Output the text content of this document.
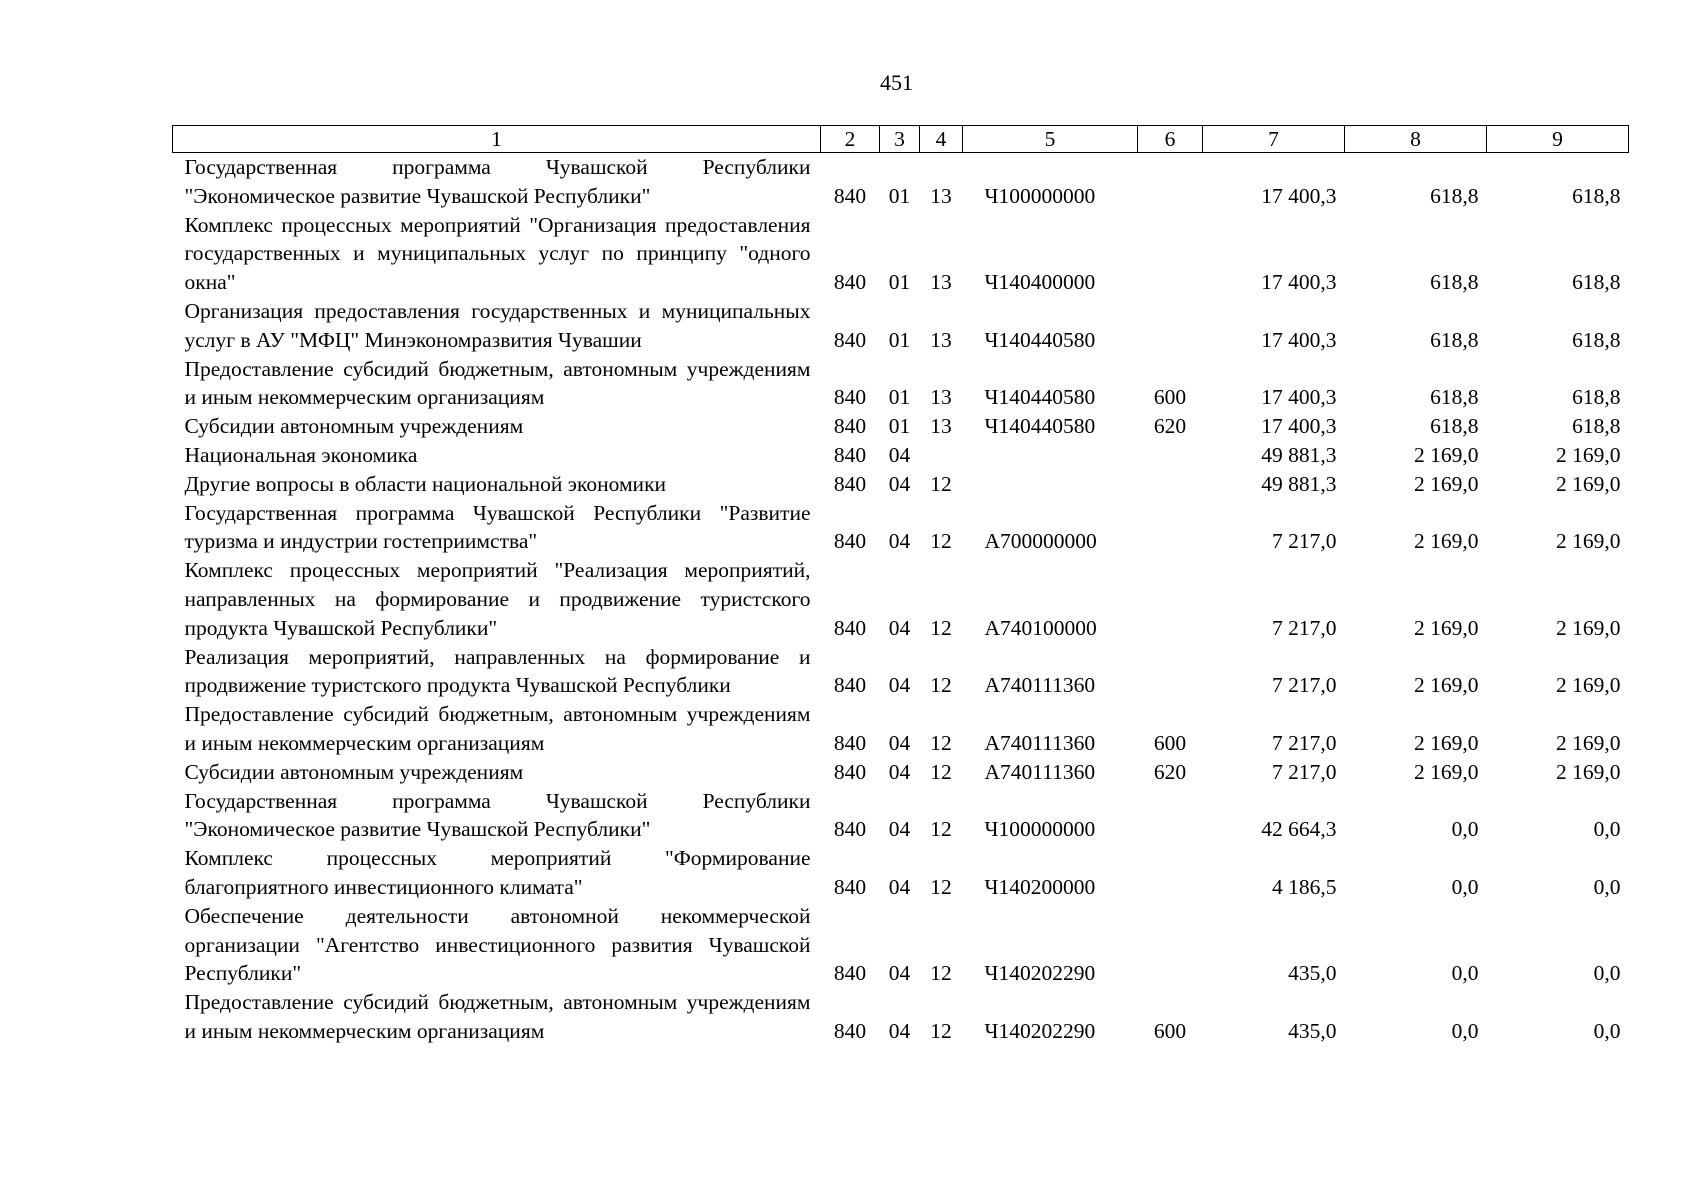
451
1	2	3	4	5	6	7	8	9
Государственная программа Чувашской Республики "Экономическое развитие Чувашской Республики"	840	01	13	Ч100000000		17 400,3	618,8	618,8
Комплекс процессных мероприятий "Организация предоставления государственных и муниципальных услуг по принципу "одного окна"	840	01	13	Ч140400000		17 400,3	618,8	618,8
Организация предоставления государственных и муниципальных услуг в АУ "МФЦ" Минэкономразвития Чувашии	840	01	13	Ч140440580		17 400,3	618,8	618,8
Предоставление субсидий бюджетным, автономным учреждениям и иным некоммерческим организациям	840	01	13	Ч140440580	600	17 400,3	618,8	618,8
Субсидии автономным учреждениям	840	01	13	Ч140440580	620	17 400,3	618,8	618,8
Национальная экономика	840	04				49 881,3	2 169,0	2 169,0
Другие вопросы в области национальной экономики	840	04	12			49 881,3	2 169,0	2 169,0
Государственная программа Чувашской Республики "Развитие туризма и индустрии гостеприимства"	840	04	12	А700000000		7 217,0	2 169,0	2 169,0
Комплекс процессных мероприятий "Реализация мероприятий, направленных на формирование и продвижение туристского продукта Чувашской Республики"	840	04	12	А740100000		7 217,0	2 169,0	2 169,0
Реализация мероприятий, направленных на формирование и продвижение туристского продукта Чувашской Республики	840	04	12	А740111360		7 217,0	2 169,0	2 169,0
Предоставление субсидий бюджетным, автономным учреждениям и иным некоммерческим организациям	840	04	12	А740111360	600	7 217,0	2 169,0	2 169,0
Субсидии автономным учреждениям	840	04	12	А740111360	620	7 217,0	2 169,0	2 169,0
Государственная программа Чувашской Республики "Экономическое развитие Чувашской Республики"	840	04	12	Ч100000000		42 664,3	0,0	0,0
Комплекс процессных мероприятий "Формирование благоприятного инвестиционного климата"	840	04	12	Ч140200000		4 186,5	0,0	0,0
Обеспечение деятельности автономной некоммерческой организации "Агентство инвестиционного развития Чувашской Республики"	840	04	12	Ч140202290		435,0	0,0	0,0
Предоставление субсидий бюджетным, автономным учреждениям и иным некоммерческим организациям	840	04	12	Ч140202290	600	435,0	0,0	0,0
